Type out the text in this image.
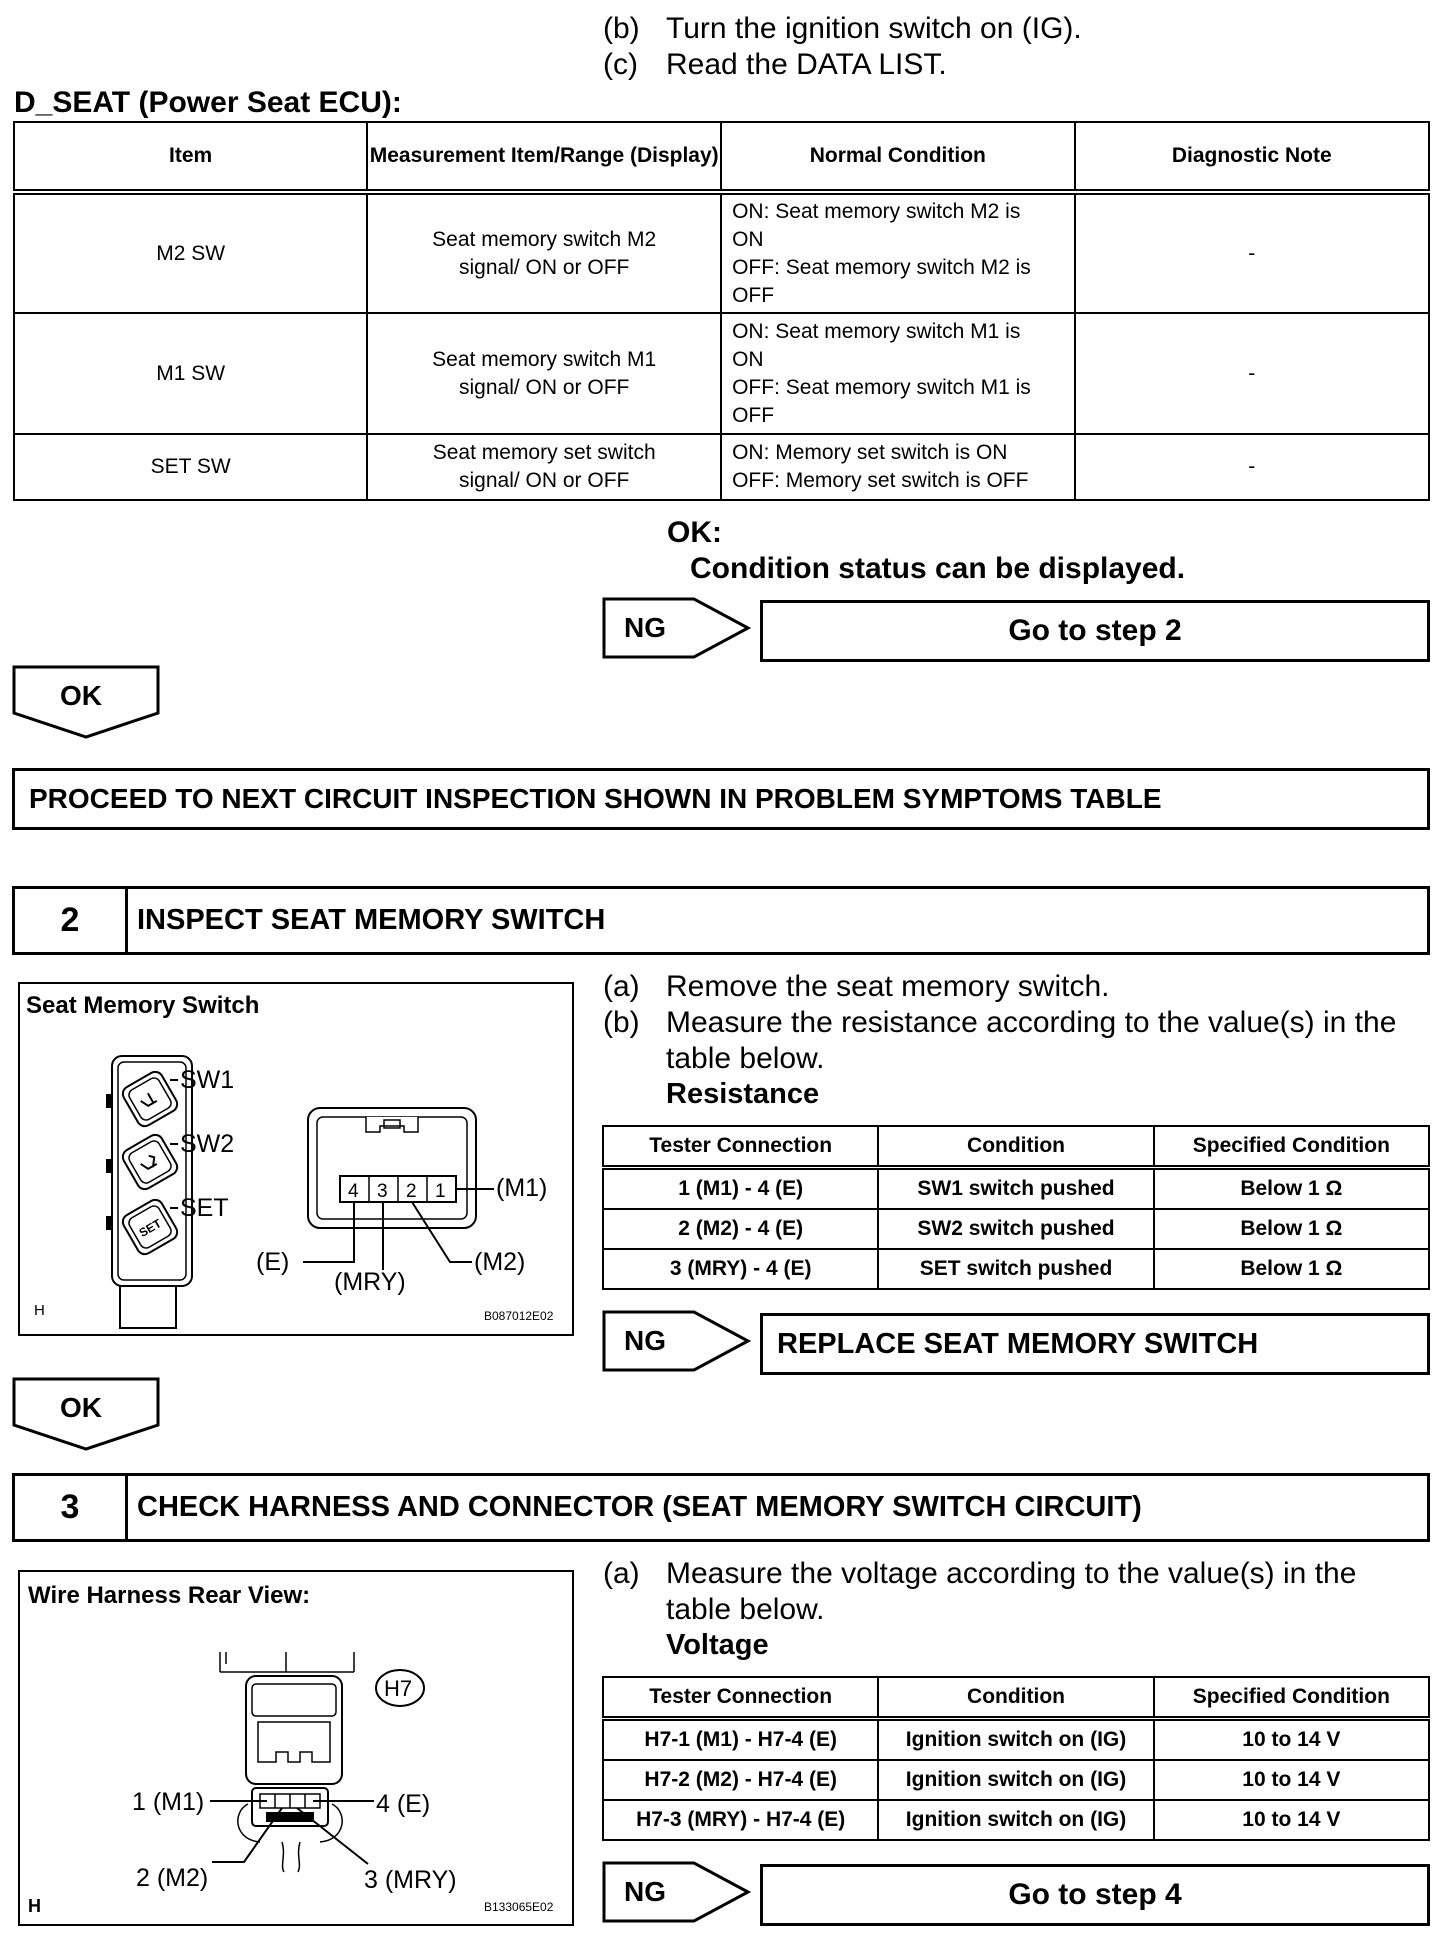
(b) Turn the ignition switch on (IG).
(c) Read the DATA LIST.
D_SEAT (Power Seat ECU):
Item	Measurement Item/Range (Display)	Normal Condition	Diagnostic Note
M2 SW	Seat memory switch M2 signal/ ON or OFF	ON: Seat memory switch M2 is
ON
OFF: Seat memory switch M2 is
OFF	-
M1 SW	Seat memory switch M1 signal/ ON or OFF	ON: Seat memory switch M1 is
ON
OFF: Seat memory switch M1 is
OFF	-
SET SW	Seat memory set switch signal/ ON or OFF	ON: Memory set switch is ON
OFF: Memory set switch is OFF	-
OK:
Condition status can be displayed.
NG	Go to step 2
OK
PROCEED TO NEXT CIRCUIT INSPECTION SHOWN IN PROBLEM SYMPTOMS TABLE
2	INSPECT SEAT MEMORY SWITCH
Seat Memory Switch
SET
4 3 2 1
SW1
SW2
SET
(M1)
(M2)
(E)
(MRY)
H	B087012E02
(a) Remove the seat memory switch.
(b) Measure the resistance according to the value(s) in the
table below.
Resistance
Tester Connection	Condition	Specified Condition
1 (M1) - 4 (E)	SW1 switch pushed	Below 1 Ω
2 (M2) - 4 (E)	SW2 switch pushed	Below 1 Ω
3 (MRY) - 4 (E)	SET switch pushed	Below 1 Ω
NG	REPLACE SEAT MEMORY SWITCH
OK
3	CHECK HARNESS AND CONNECTOR (SEAT MEMORY SWITCH CIRCUIT)
Wire Harness Rear View:
H7
1 (M1)	4 (E)
2 (M2)	3 (MRY)
H	B133065E02
(a) Measure the voltage according to the value(s) in the
table below.
Voltage
Tester Connection	Condition	Specified Condition
H7-1 (M1) - H7-4 (E)	Ignition switch on (IG)	10 to 14 V
H7-2 (M2) - H7-4 (E)	Ignition switch on (IG)	10 to 14 V
H7-3 (MRY) - H7-4 (E)	Ignition switch on (IG)	10 to 14 V
NG	Go to step 4
